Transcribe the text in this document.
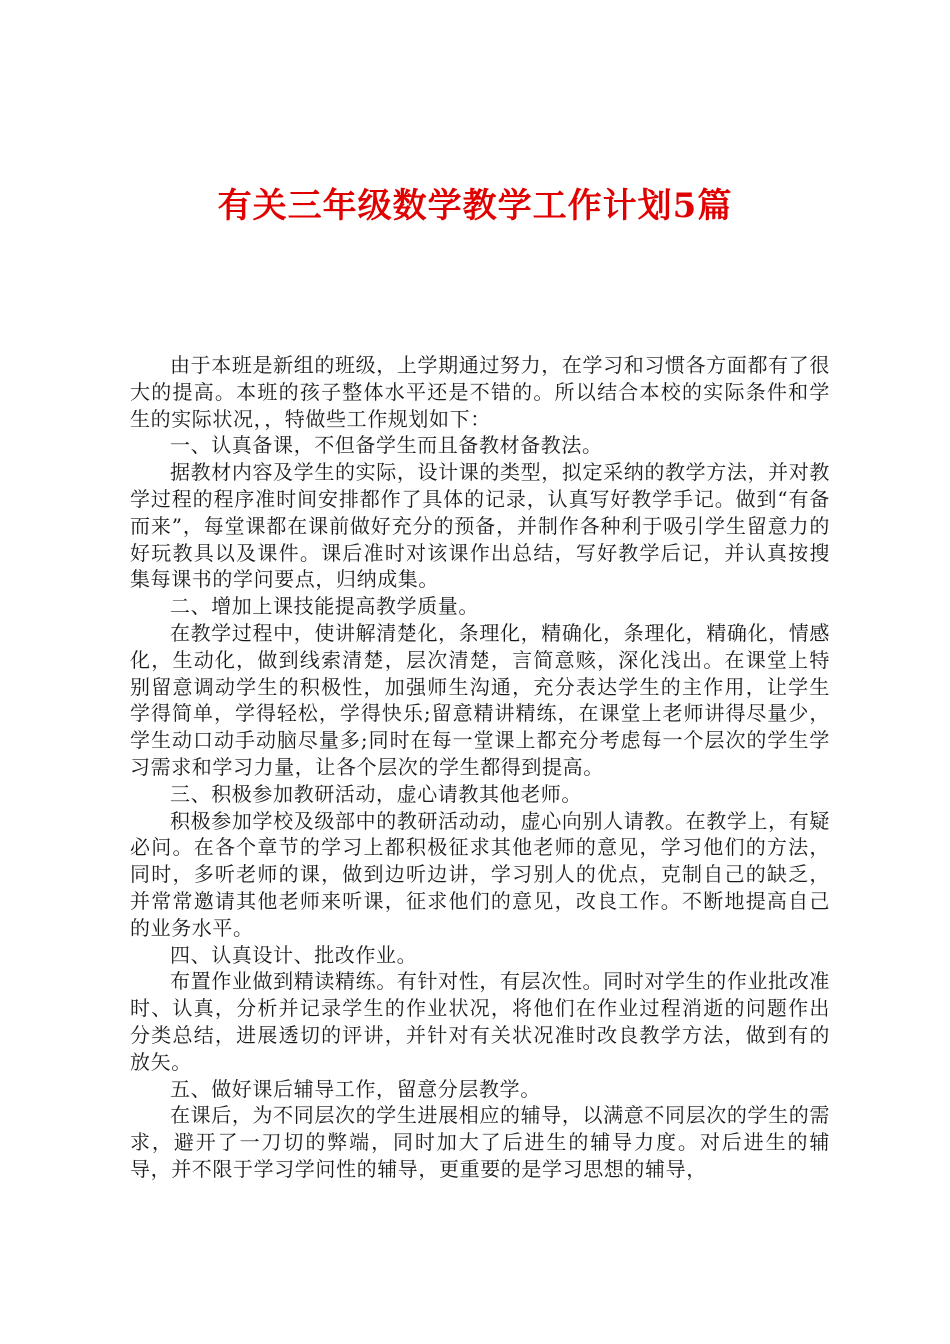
有关三年级数学教学工作计划5篇

由于本班是新组的班级，上学期通过努力，在学习和习惯各方面都有了很大的提高。本班的孩子整体水平还是不错的。所以结合本校的实际条件和学生的实际状况，，特做些工作规划如下：

一、认真备课，不但备学生而且备教材备教法。

据教材内容及学生的实际，设计课的类型，拟定采纳的教学方法，并对教学过程的程序准时间安排都作了具体的记录，认真写好教学手记。做到“有备而来”，每堂课都在课前做好充分的预备，并制作各种利于吸引学生留意力的好玩教具以及课件。课后准时对该课作出总结，写好教学后记，并认真按搜集每课书的学问要点，归纳成集。

二、增加上课技能提高教学质量。

在教学过程中，使讲解清楚化，条理化，精确化，条理化，精确化，情感化，生动化，做到线索清楚，层次清楚，言简意赅，深化浅出。在课堂上特别留意调动学生的积极性，加强师生沟通，充分表达学生的主作用，让学生学得简单，学得轻松，学得快乐;留意精讲精练，在课堂上老师讲得尽量少，学生动口动手动脑尽量多;同时在每一堂课上都充分考虑每一个层次的学生学习需求和学习力量，让各个层次的学生都得到提高。

三、积极参加教研活动，虚心请教其他老师。

积极参加学校及级部中的教研活动动，虚心向别人请教。在教学上，有疑必问。在各个章节的学习上都积极征求其他老师的意见，学习他们的方法，同时，多听老师的课，做到边听边讲，学习别人的优点，克制自己的缺乏，并常常邀请其他老师来听课，征求他们的意见，改良工作。不断地提高自己的业务水平。

四、认真设计、批改作业。

布置作业做到精读精练。有针对性，有层次性。同时对学生的作业批改准时、认真，分析并记录学生的作业状况，将他们在作业过程消逝的问题作出分类总结，进展透切的评讲，并针对有关状况准时改良教学方法，做到有的放矢。

五、做好课后辅导工作，留意分层教学。

在课后，为不同层次的学生进展相应的辅导，以满意不同层次的学生的需求，避开了一刀切的弊端，同时加大了后进生的辅导力度。对后进生的辅导，并不限于学习学问性的辅导，更重要的是学习思想的辅导，
